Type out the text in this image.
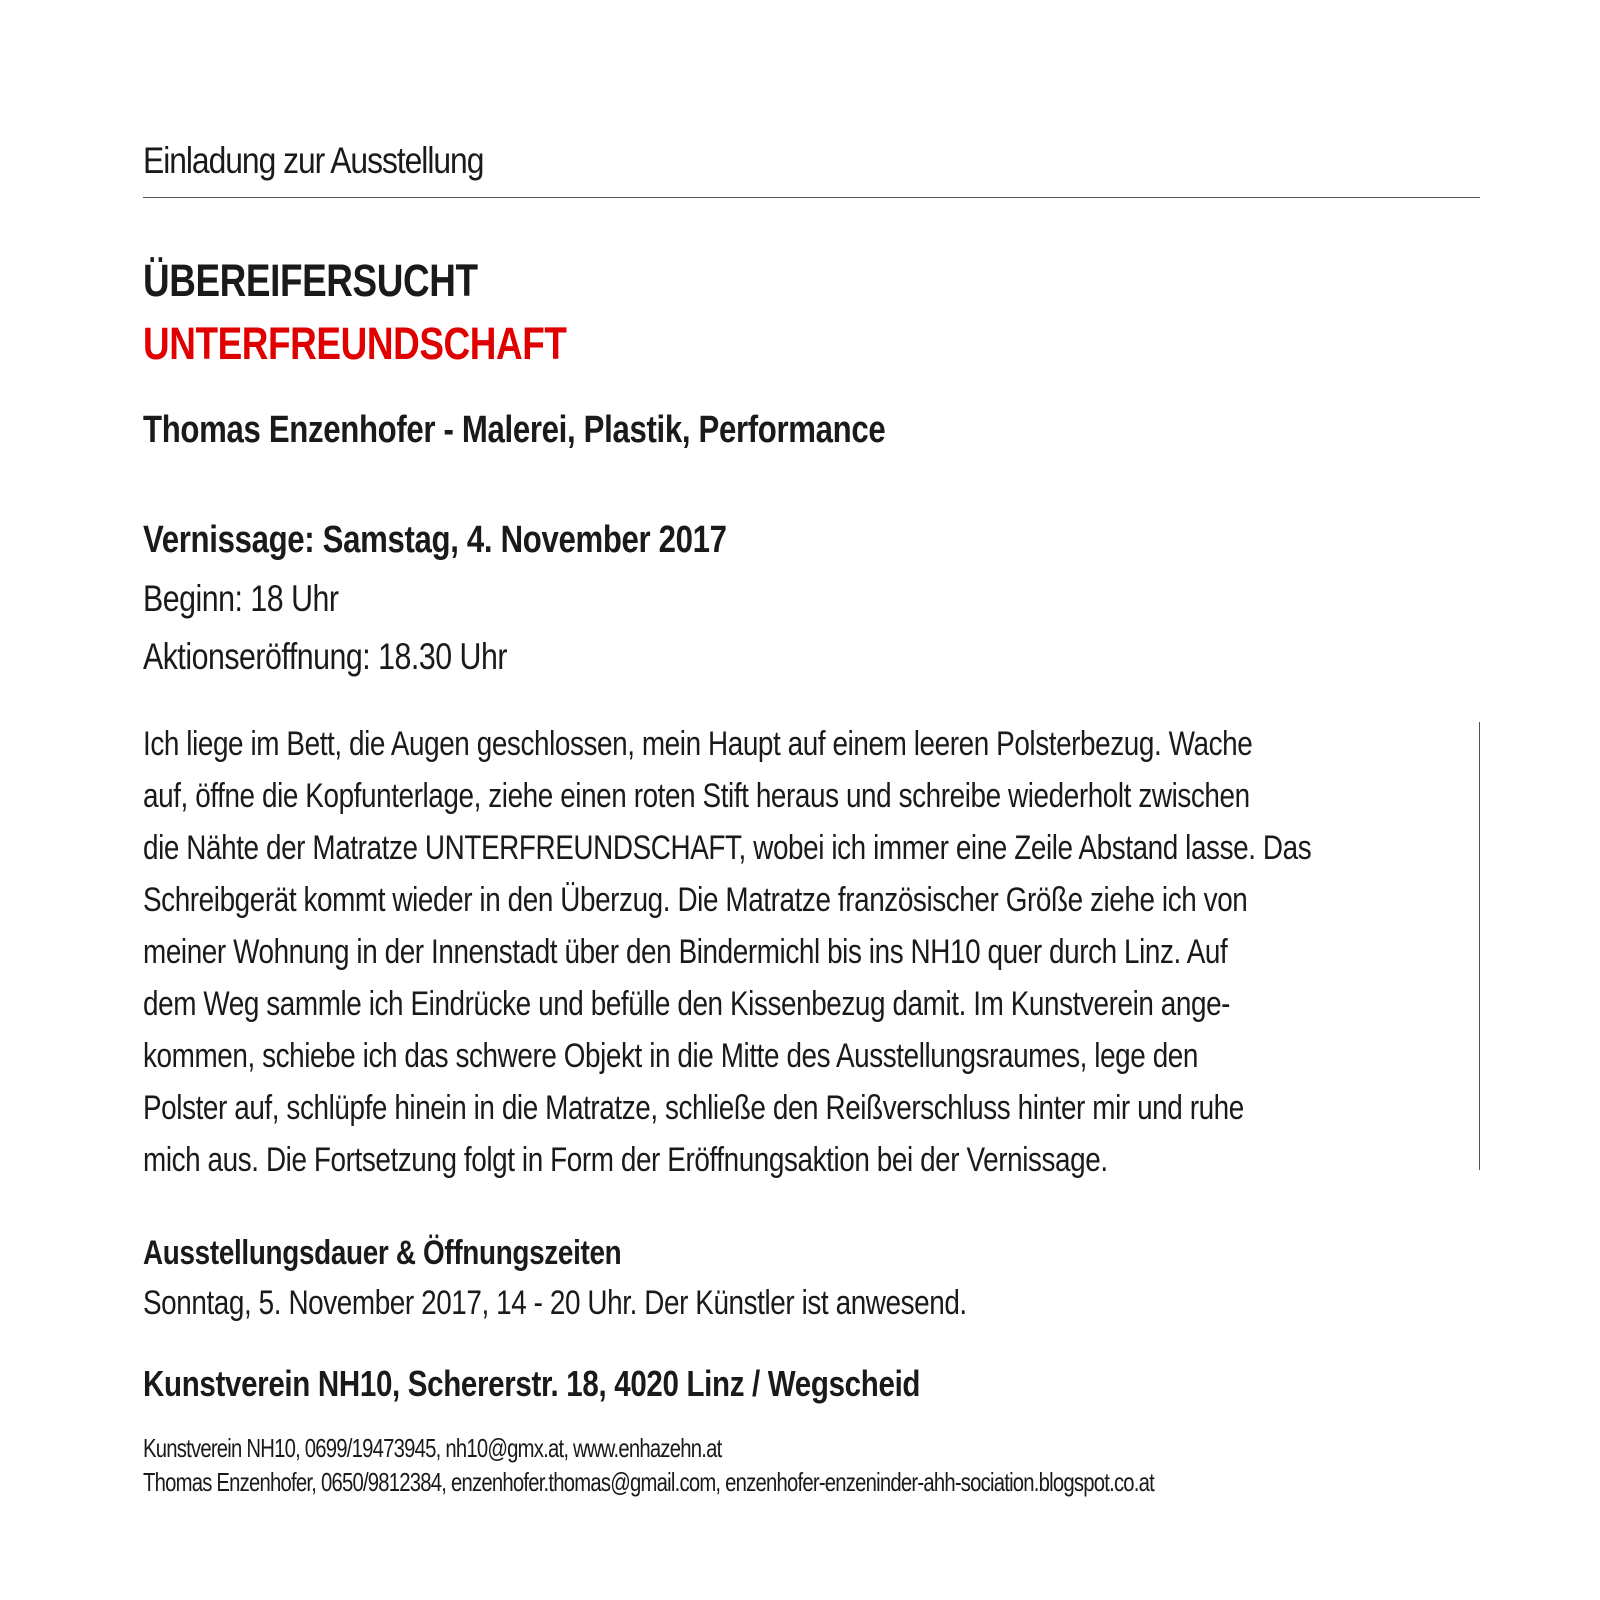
Einladung zur Ausstellung
ÜBEREIFERSUCHT
UNTERFREUNDSCHAFT
Thomas Enzenhofer - Malerei, Plastik, Performance
Vernissage: Samstag, 4. November 2017
Beginn: 18 Uhr
Aktionseröffnung: 18.30 Uhr
Ich liege im Bett, die Augen geschlossen, mein Haupt auf einem leeren Polsterbezug. Wache
auf, öffne die Kopfunterlage, ziehe einen roten Stift heraus und schreibe wiederholt zwischen
die Nähte der Matratze UNTERFREUNDSCHAFT, wobei ich immer eine Zeile Abstand lasse. Das
Schreibgerät kommt wieder in den Überzug. Die Matratze französischer Größe ziehe ich von
meiner Wohnung in der Innenstadt über den Bindermichl bis ins NH10 quer durch Linz. Auf
dem Weg sammle ich Eindrücke und befülle den Kissenbezug damit. Im Kunstverein ange-
kommen, schiebe ich das schwere Objekt in die Mitte des Ausstellungsraumes, lege den
Polster auf, schlüpfe hinein in die Matratze, schließe den Reißverschluss hinter mir und ruhe
mich aus. Die Fortsetzung folgt in Form der Eröffnungsaktion bei der Vernissage.
Ausstellungsdauer & Öffnungszeiten
Sonntag, 5. November 2017, 14 - 20 Uhr. Der Künstler ist anwesend.
Kunstverein NH10, Schererstr. 18, 4020 Linz / Wegscheid
Kunstverein NH10, 0699/19473945, nh10@gmx.at, www.enhazehn.at
Thomas Enzenhofer, 0650/9812384, enzenhofer.thomas@gmail.com, enzenhofer-enzeninder-ahh-sociation.blogspot.co.at
